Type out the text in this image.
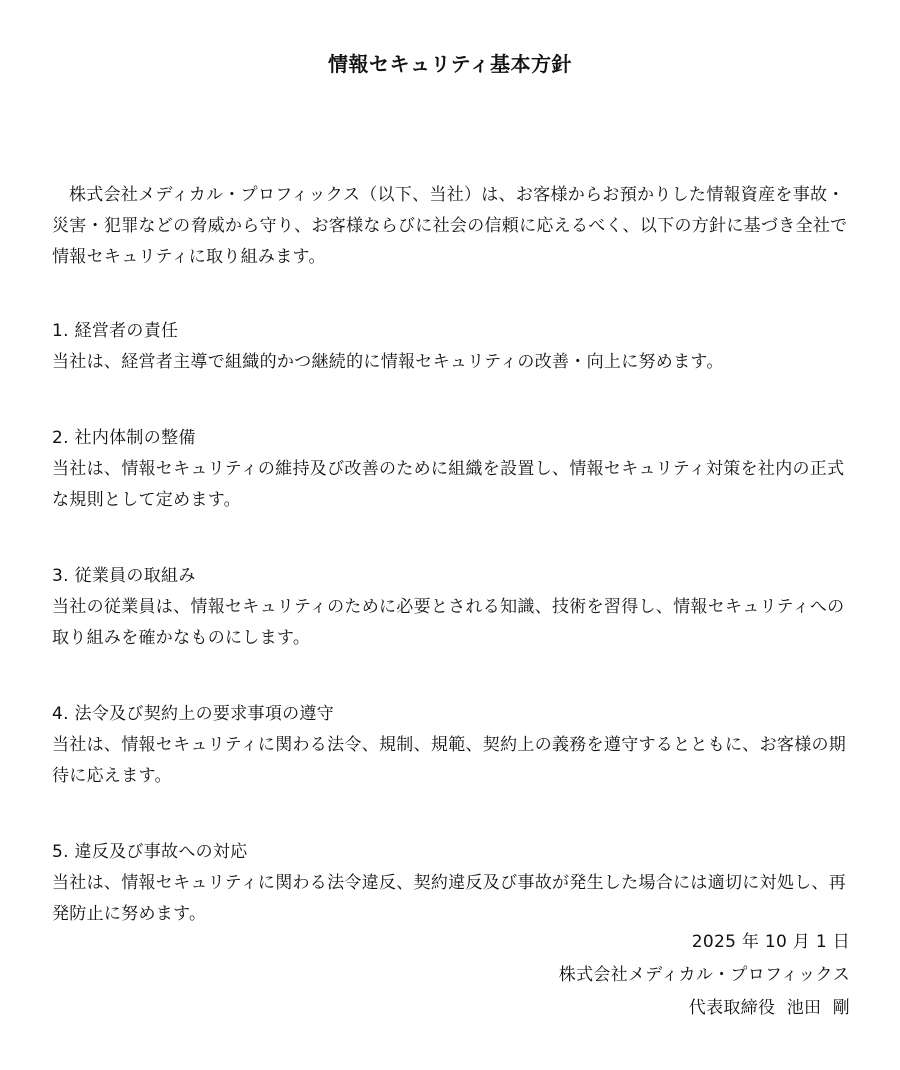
情報セキュリティ基本方針
株式会社メディカル・プロフィックス（以下、当社）は、お客様からお預かりした情報資産を事故・災害・犯罪などの脅威から守り、お客様ならびに社会の信頼に応えるべく、以下の方針に基づき全社で情報セキュリティに取り組みます。
1. 経営者の責任
当社は、経営者主導で組織的かつ継続的に情報セキュリティの改善・向上に努めます。
2. 社内体制の整備
当社は、情報セキュリティの維持及び改善のために組織を設置し、情報セキュリティ対策を社内の正式な規則として定めます。
3. 従業員の取組み
当社の従業員は、情報セキュリティのために必要とされる知識、技術を習得し、情報セキュリティへの取り組みを確かなものにします。
4. 法令及び契約上の要求事項の遵守
当社は、情報セキュリティに関わる法令、規制、規範、契約上の義務を遵守するとともに、お客様の期待に応えます。
5. 違反及び事故への対応
当社は、情報セキュリティに関わる法令違反、契約違反及び事故が発生した場合には適切に対処し、再発防止に努めます。
2025 年 10 月 1 日
株式会社メディカル・プロフィックス
代表取締役  池田  剛
